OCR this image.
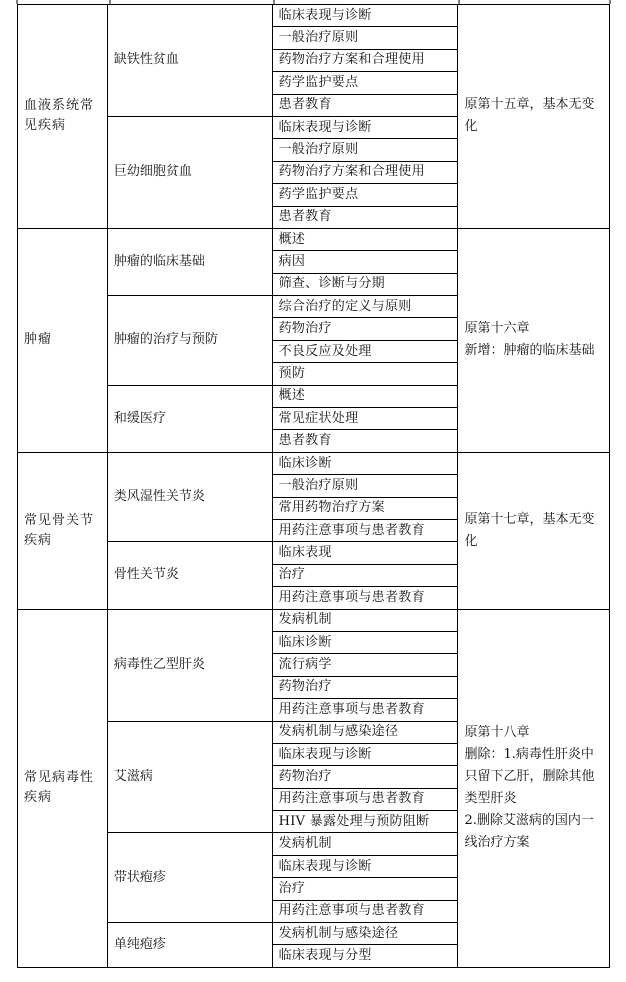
血液系统常见疾病	缺铁性贫血	临床表现与诊断	原第十五章，基本无变化

		一般治疗原则	
		药物治疗方案和合理使用	
		药学监护要点	
		患者教育	
	巨幼细胞贫血	临床表现与诊断	
		一般治疗原则	
		药物治疗方案和合理使用	
		药学监护要点	
		患者教育	
肿瘤	肿瘤的临床基础	概述	原第十六章
新增：肿瘤的临床基础

		病因	
		筛查、诊断与分期	
	肿瘤的治疗与预防	综合治疗的定义与原则	
		药物治疗	
		不良反应及处理	
		预防	
	和缓医疗	概述	
		常见症状处理	
		患者教育	
常见骨关节疾病	类风湿性关节炎	临床诊断	原第十七章，基本无变化

		一般治疗原则	
		常用药物治疗方案	
		用药注意事项与患者教育	
	骨性关节炎	临床表现	
		治疗	
		用药注意事项与患者教育	
常见病毒性疾病	病毒性乙型肝炎	发病机制	原第十八章
删除：1.病毒性肝炎中只留下乙肝，删除其他类型肝炎
2.删除艾滋病的国内一线治疗方案

		临床诊断	
		流行病学	
		药物治疗	
		用药注意事项与患者教育	
	艾滋病	发病机制与感染途径	
		临床表现与诊断	
		药物治疗	
		用药注意事项与患者教育	
		HIV 暴露处理与预防阻断	
	带状疱疹	发病机制	
		临床表现与诊断	
		治疗	
		用药注意事项与患者教育	
	单纯疱疹	发病机制与感染途径	
		临床表现与分型	
